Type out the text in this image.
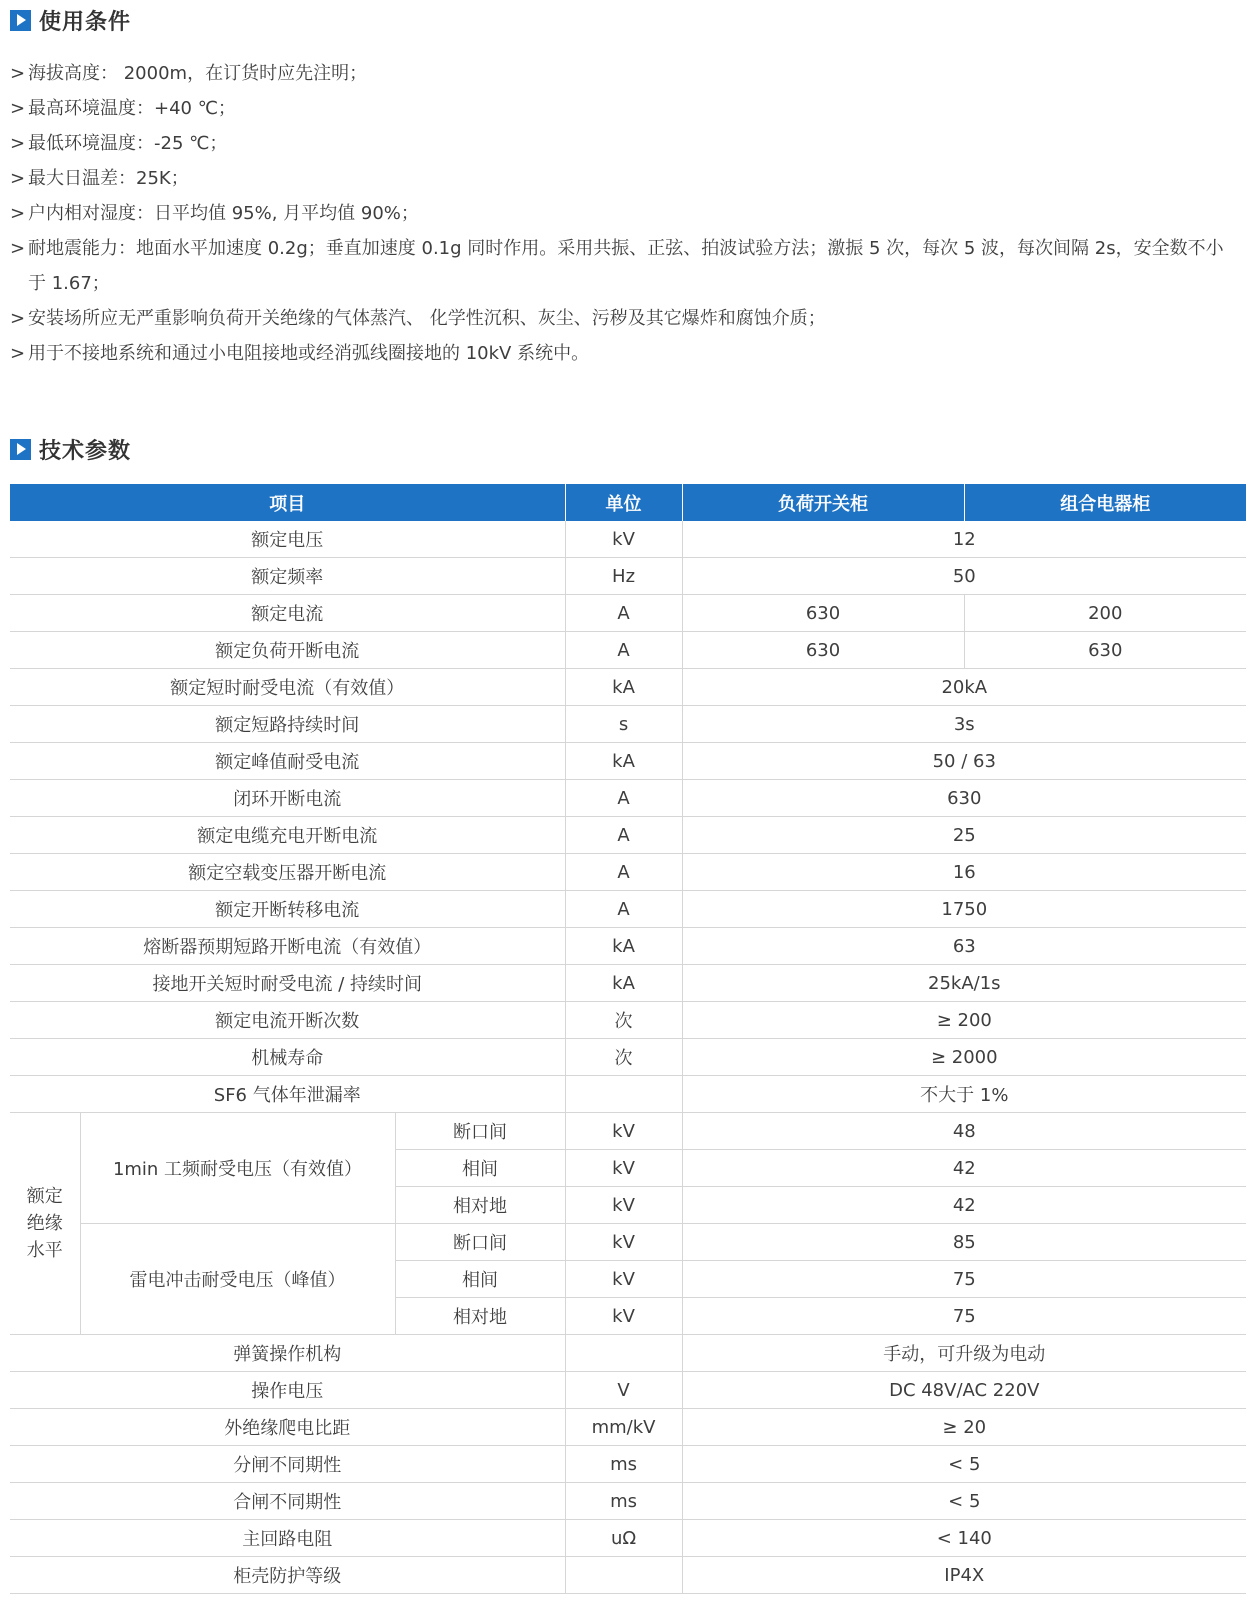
使用条件
> 海拔高度： 2000m，在订货时应先注明；
> 最高环境温度：+40 ℃；
> 最低环境温度：-25 ℃；
> 最大日温差：25K；
> 户内相对湿度：日平均值 95%, 月平均值 90%；
> 耐地震能力：地面水平加速度 0.2g；垂直加速度 0.1g 同时作用。采用共振、正弦、拍波试验方法；激振 5 次，每次 5 波，每次间隔 2s，安全数不小于 1.67；
> 安装场所应无严重影响负荷开关绝缘的气体蒸汽、 化学性沉积、灰尘、污秽及其它爆炸和腐蚀介质；
> 用于不接地系统和通过小电阻接地或经消弧线圈接地的 10kV 系统中。
技术参数
项目			单位	负荷开关柜	组合电器柜
额定电压			kV	12	
额定频率			Hz	50	
额定电流			A	630	200
额定负荷开断电流			A	630	630
额定短时耐受电流（有效值）			kA	20kA	
额定短路持续时间			s	3s	
额定峰值耐受电流			kA	50 / 63	
闭环开断电流			A	630	
额定电缆充电开断电流			A	25	
额定空载变压器开断电流			A	16	
额定开断转移电流			A	1750	
熔断器预期短路开断电流（有效值）			kA	63	
接地开关短时耐受电流 / 持续时间			kA	25kA/1s	
额定电流开断次数			次	≥ 200	
机械寿命			次	≥ 2000	
SF6 气体年泄漏率				不大于 1%	

额定
绝缘
水平	1min 工频耐受电压（有效值）	断口间	kV	48	
		相间	kV	42	
		相对地	kV	42	
	雷电冲击耐受电压（峰值）	断口间	kV	85	
		相间	kV	75	
		相对地	kV	75	
弹簧操作机构				手动，可升级为电动	
操作电压			V	DC 48V/AC 220V	
外绝缘爬电比距			mm/kV	≥ 20	
分闸不同期性			ms	< 5	
合闸不同期性			ms	< 5	
主回路电阻			uΩ	< 140	
柜壳防护等级				IP4X	
